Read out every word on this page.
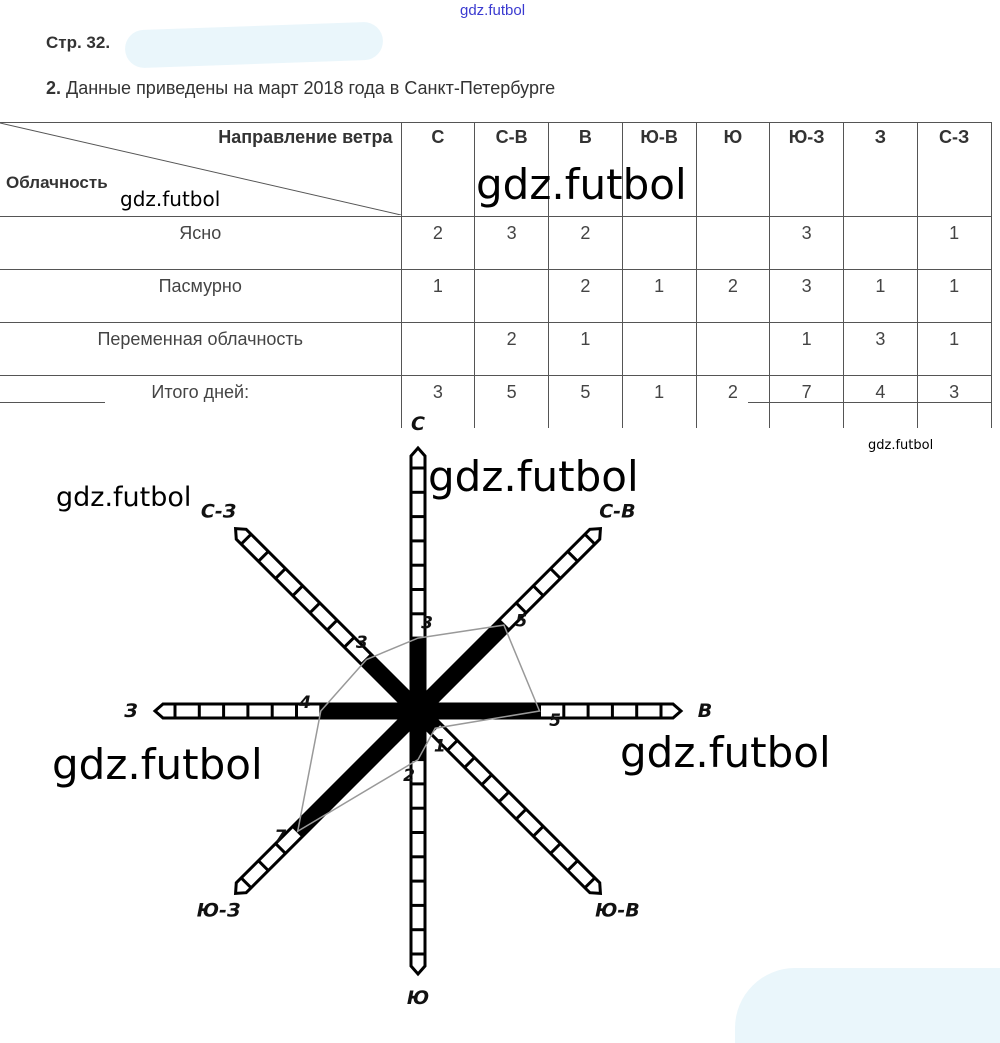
gdz.futbol
Стр. 32.
2. Данные приведены на март 2018 года в Санкт-Петербурге
Направление ветра
Облачность
gdz.futbol	С	С-В	В	Ю-В	Ю	Ю-З	З	С-З
Ясно	2	3	2			3		1
Пасмурно	1		2	1	2	3	1	1
Переменная облачность		2	1			1	3	1
Итого дней:	3	5	5	1	2	7	4	3
3	5
5
1
2
7
4
3
С
С-В
В
Ю-В
Ю
Ю-З
З
С-З
gdz.futbol
gdz.futbol
gdz.futbol
gdz.futbol	gdz.futbol
gdz.futbol
